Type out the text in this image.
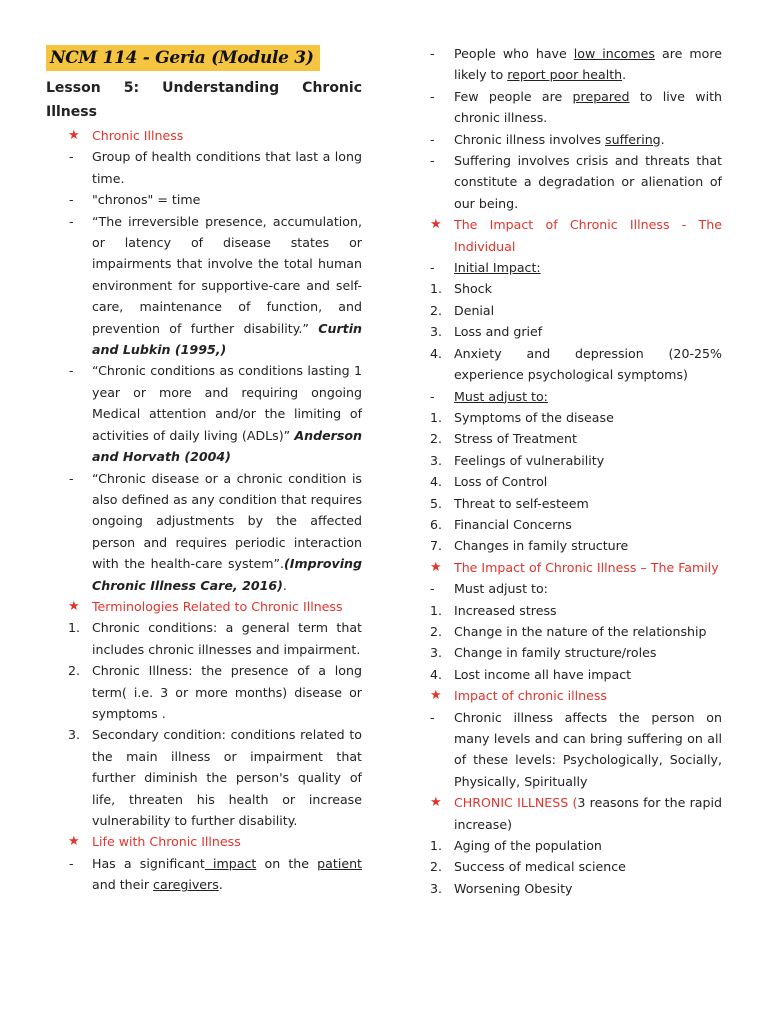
NCM 114 - Geria (Module 3)
Lesson 5: Understanding Chronic
Illness
★ Chronic Illness
-	Group of health conditions that last a long time.
-	"chronos" = time
-	“The irreversible presence, accumulation, or latency of disease states or impairments that involve the total human environment for supportive-care and self-care, maintenance of function, and prevention of further disability.” Curtin and Lubkin (1995,)
-	“Chronic conditions as conditions lasting 1 year or more and requiring ongoing Medical attention and/or the limiting of activities of daily living (ADLs)” Anderson and Horvath (2004)
-	“Chronic disease or a chronic condition is also defined as any condition that requires ongoing adjustments by the affected person and requires periodic interaction with the health-care system”.(Improving Chronic Illness Care, 2016).
★ Terminologies Related to Chronic Illness
1. Chronic conditions: a general term that includes chronic illnesses and impairment.
2. Chronic Illness: the presence of a long term( i.e. 3 or more months) disease or symptoms .
3. Secondary condition: conditions related to the main illness or impairment that further diminish the person's quality of life, threaten his health or increase vulnerability to further disability.
★ Life with Chronic Illness
-	Has a significant impact on the patient and their caregivers.
-	People who have low incomes are more likely to report poor health.
-	Few people are prepared to live with chronic illness.
-	Chronic illness involves suffering.
-	Suffering involves crisis and threats that constitute a degradation or alienation of our being.
★ The Impact of Chronic Illness - The Individual
-	Initial Impact:
1. Shock
2. Denial
3. Loss and grief
4. Anxiety and depression (20-25% experience psychological symptoms)
-	Must adjust to:
1. Symptoms of the disease
2. Stress of Treatment
3. Feelings of vulnerability
4. Loss of Control
5. Threat to self-esteem
6. Financial Concerns
7. Changes in family structure
★ The Impact of Chronic Illness – The Family
-	Must adjust to:
1. Increased stress
2. Change in the nature of the relationship
3. Change in family structure/roles
4. Lost income all have impact
★ Impact of chronic illness
-	Chronic illness affects the person on many levels and can bring suffering on all of these levels: Psychologically, Socially, Physically, Spiritually
★ CHRONIC ILLNESS (3 reasons for the rapid increase)
1. Aging of the population
2. Success of medical science
3. Worsening Obesity
